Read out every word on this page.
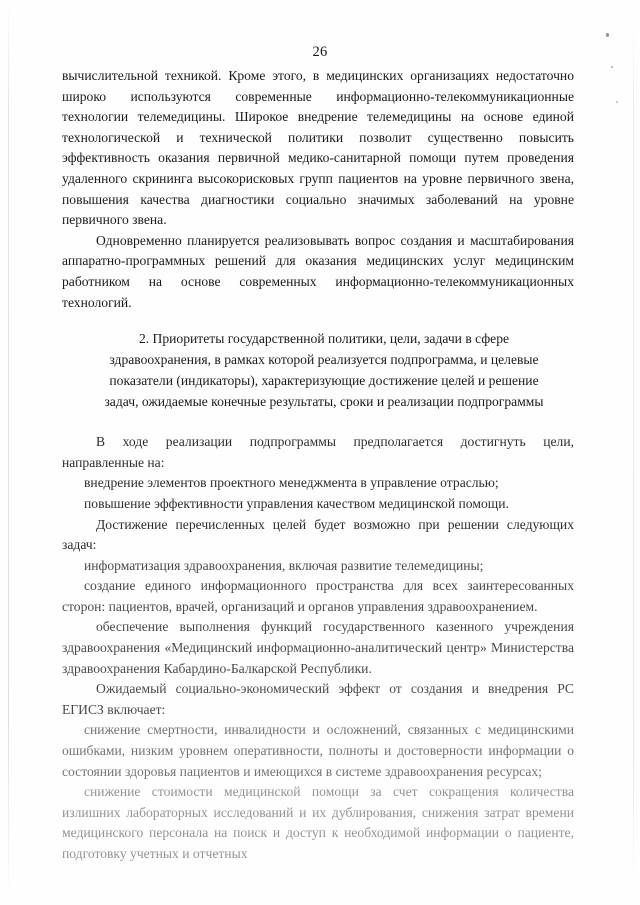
26

вычислительной техникой. Кроме этого, в медицинских организациях недостаточно широко используются современные информационно-телекоммуникационные технологии телемедицины. Широкое внедрение телемедицины на основе единой технологической и технической политики позволит существенно повысить эффективность оказания первичной медико-санитарной помощи путем проведения удаленного скрининга высокорисковых групп пациентов на уровне первичного звена, повышения качества диагностики социально значимых заболеваний на уровне первичного звена.

Одновременно планируется реализовывать вопрос создания и масштабирования аппаратно-программных решений для оказания медицинских услуг медицинским работником на основе современных информационно-телекоммуникационных технологий.

2. Приоритеты государственной политики, цели, задачи в сфере
здравоохранения, в рамках которой реализуется подпрограмма, и целевые
показатели (индикаторы), характеризующие достижение целей и решение
задач, ожидаемые конечные результаты, сроки и реализации подпрограммы

В ходе реализации подпрограммы предполагается достигнуть цели, направленные на:

внедрение элементов проектного менеджмента в управление отраслью;

повышение эффективности управления качеством медицинской помощи.

Достижение перечисленных целей будет возможно при решении следующих задач:

информатизация здравоохранения, включая развитие телемедицины;

создание единого информационного пространства для всех заинтересованных сторон: пациентов, врачей, организаций и органов управления здравоохранением.

обеспечение выполнения функций государственного казенного учреждения здравоохранения «Медицинский информационно-аналитический центр» Министерства здравоохранения Кабардино-Балкарской Республики.

Ожидаемый социально-экономический эффект от создания и внедрения РС ЕГИСЗ включает:

снижение смертности, инвалидности и осложнений, связанных с медицинскими ошибками, низким уровнем оперативности, полноты и достоверности информации о состоянии здоровья пациентов и имеющихся в системе здравоохранения ресурсах;

снижение стоимости медицинской помощи за счет сокращения количества излишних лабораторных исследований и их дублирования, снижения затрат времени медицинского персонала на поиск и доступ к необходимой информации о пациенте, подготовку учетных и отчетных
